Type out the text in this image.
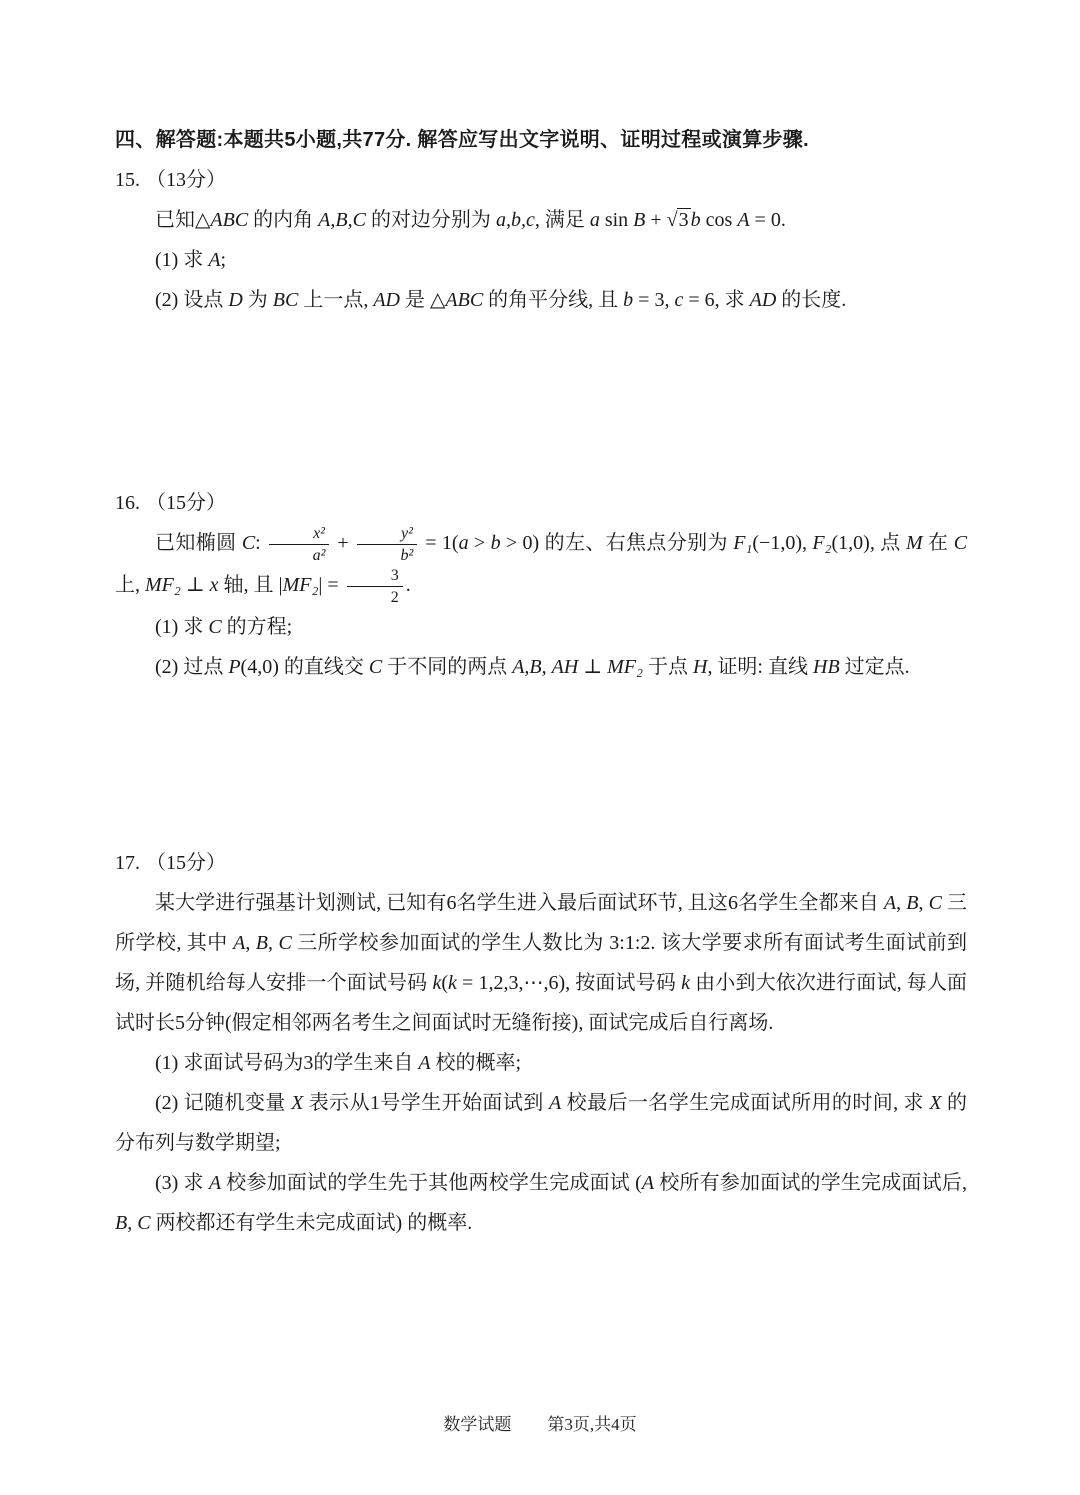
四、解答题:本题共5小题,共77分. 解答应写出文字说明、证明过程或演算步骤.

15. （13分）

已知△ABC 的内角 A,B,C 的对边分别为 a,b,c, 满足 a sin B + √3 b cos A = 0.

(1) 求 A;

(2) 设点 D 为 BC 上一点, AD 是 △ABC 的角平分线, 且 b = 3, c = 6, 求 AD 的长度.

16. （15分）

已知椭圆 C: $\frac{\text{x²}}{\text{a²}} + \frac{\text{y²}}{\text{b²}} = 1(a > b > 0)$ 的左、右焦点分别为 F₁(−1,0), F₂(1,0), 点 M 在 C 上, MF₂ ⊥ x 轴, 且 $|MF_2| = \frac{3}{2}$ .

(1) 求 C 的方程;

(2) 过点 P(4,0) 的直线交 C 于不同的两点 A,B, AH ⊥ MF₂ 于点 H, 证明: 直线 HB 过定点.

17. （15分）

某大学进行强基计划测试, 已知有6名学生进入最后面试环节, 且这6名学生全都来自 A, B, C 三所学校, 其中 A, B, C 三所学校参加面试的学生人数比为 3:1:2. 该大学要求所有面试考生面试前到场, 并随机给每人安排一个面试号码 k(k = 1,2,3,⋯,6), 按面试号码 k 由小到大依次进行面试, 每人面试时长5分钟(假定相邻两名考生之间面试时无缝衔接), 面试完成后自行离场.

(1) 求面试号码为3的学生来自 A 校的概率;

(2) 记随机变量 X 表示从1号学生开始面试到 A 校最后一名学生完成面试所用的时间, 求 X 的分布列与数学期望;

(3) 求 A 校参加面试的学生先于其他两校学生完成面试 (A 校所有参加面试的学生完成面试后, B, C 两校都还有学生未完成面试) 的概率.

数学试题 第3页,共4页
